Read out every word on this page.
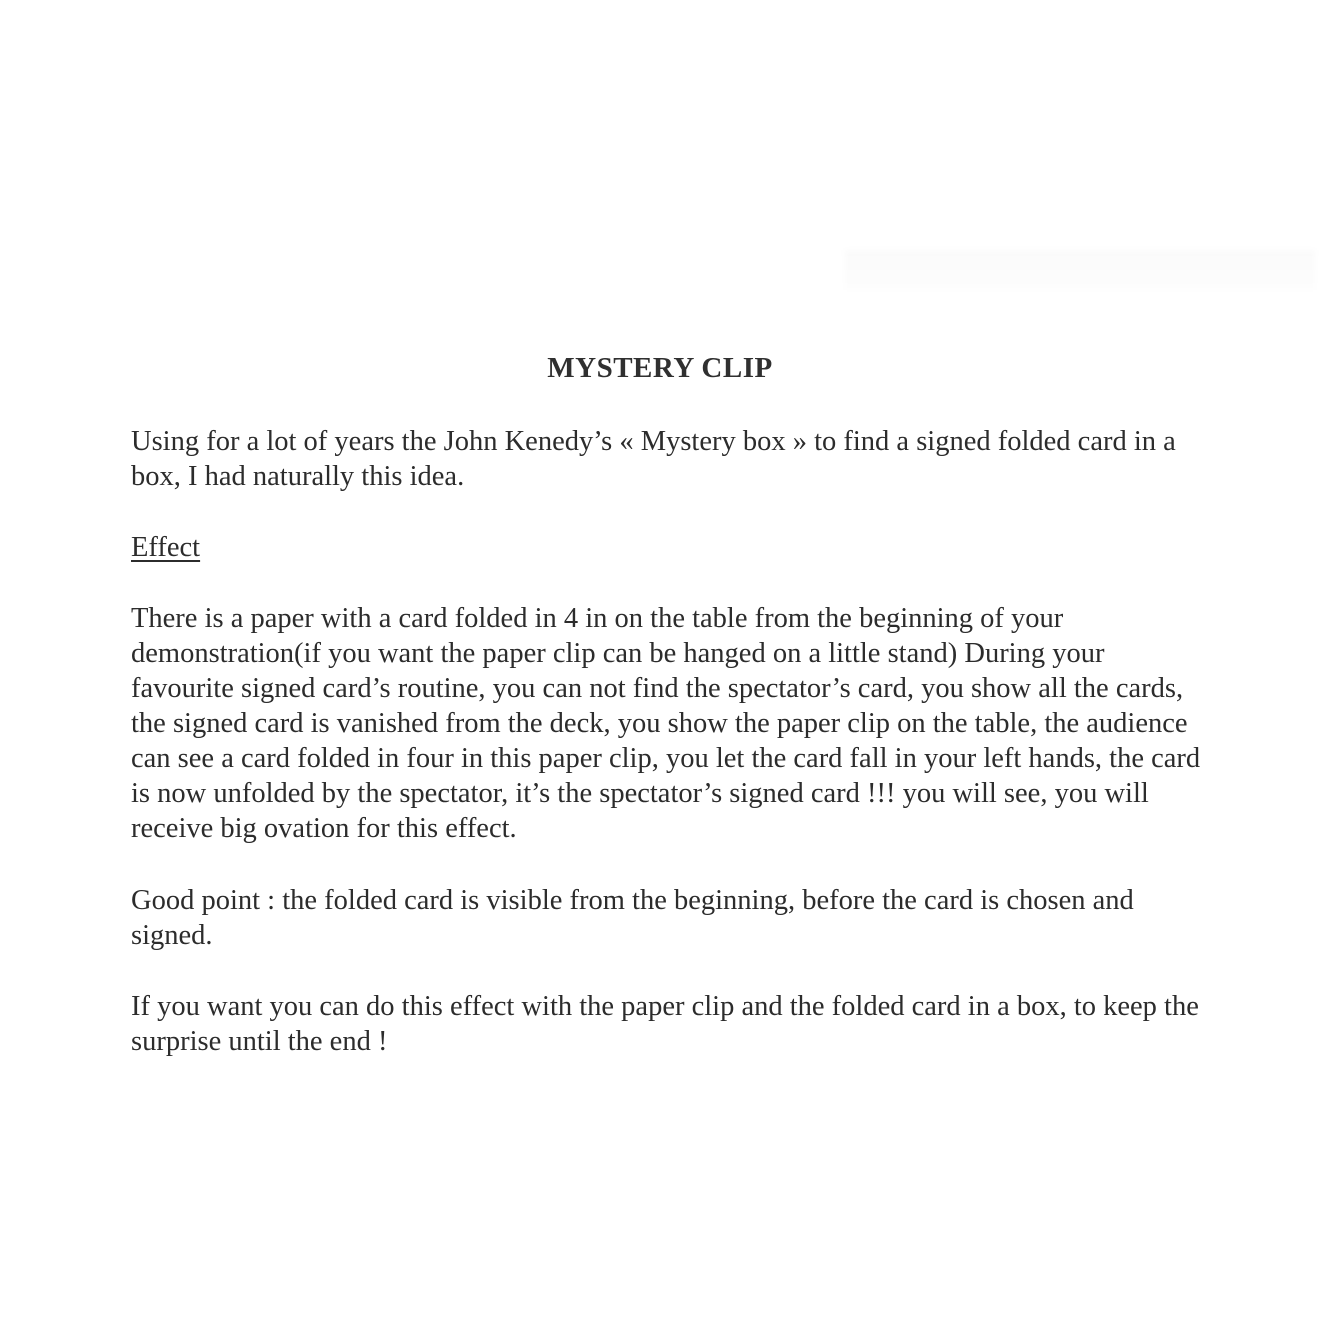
MYSTERY CLIP

Using for a lot of years the John Kenedy’s « Mystery box » to find a signed folded card in a
box, I had naturally this idea.

Effect

There is a paper with a card folded in 4 in on the table from the beginning of your
demonstration(if you want the paper clip can be hanged on a little stand) During your
favourite signed card’s routine, you can not find the spectator’s card, you show all the cards,
the signed card is vanished from the deck, you show the paper clip on the table, the audience
can see a card folded in four in this paper clip, you let the card fall in your left hands, the card
is now unfolded by the spectator, it’s the spectator’s signed card !!! you will see, you will
receive big ovation for this effect.

Good point : the folded card is visible from the beginning, before the card is chosen and
signed.

If you want you can do this effect with the paper clip and the folded card in a box, to keep the
surprise until the end !
